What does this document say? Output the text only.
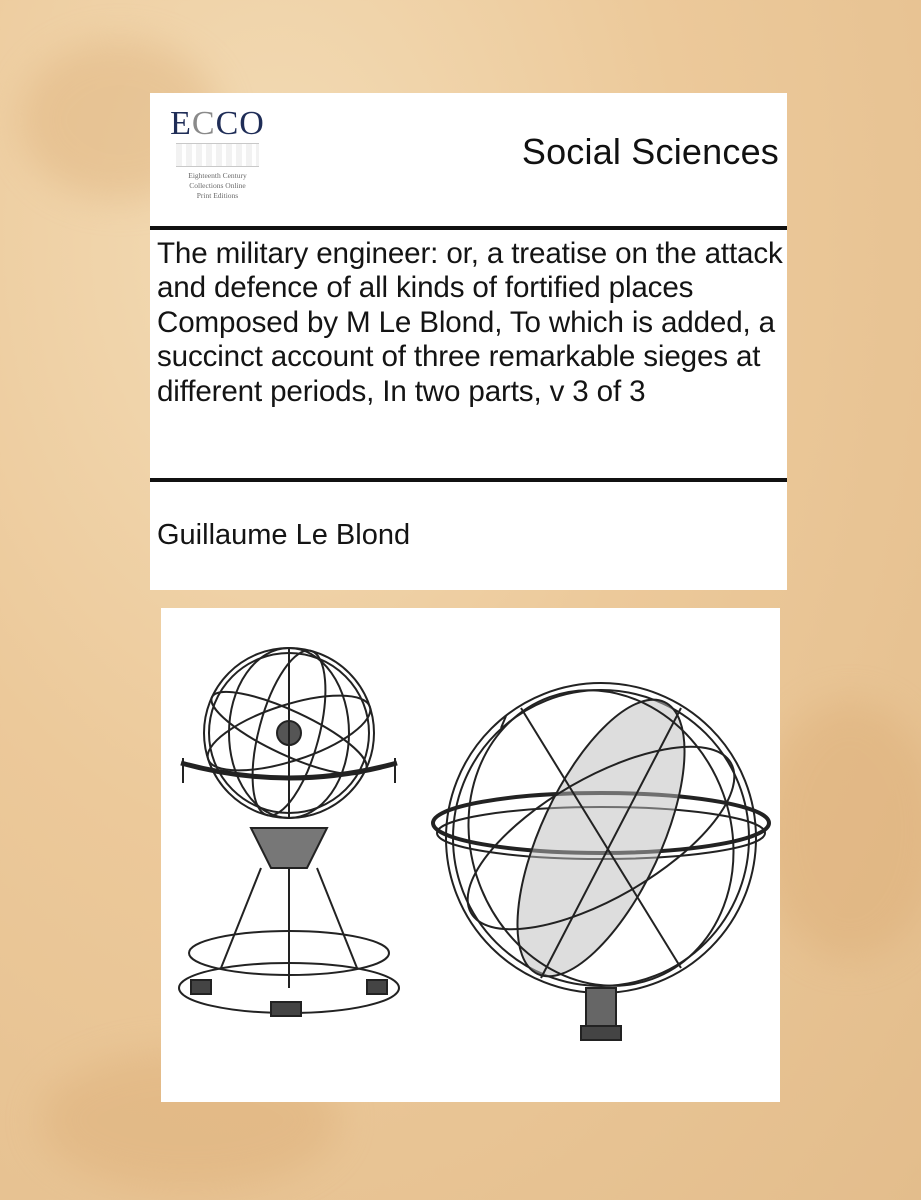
ECCO
Eighteenth Century
Collections Online
Print Editions
Social Sciences
The military engineer: or, a treatise on the attack and defence of all kinds of fortified places Composed by M Le Blond, To which is added, a succinct account of three remarkable sieges at different periods, In two parts, v 3 of 3
Guillaume Le Blond
